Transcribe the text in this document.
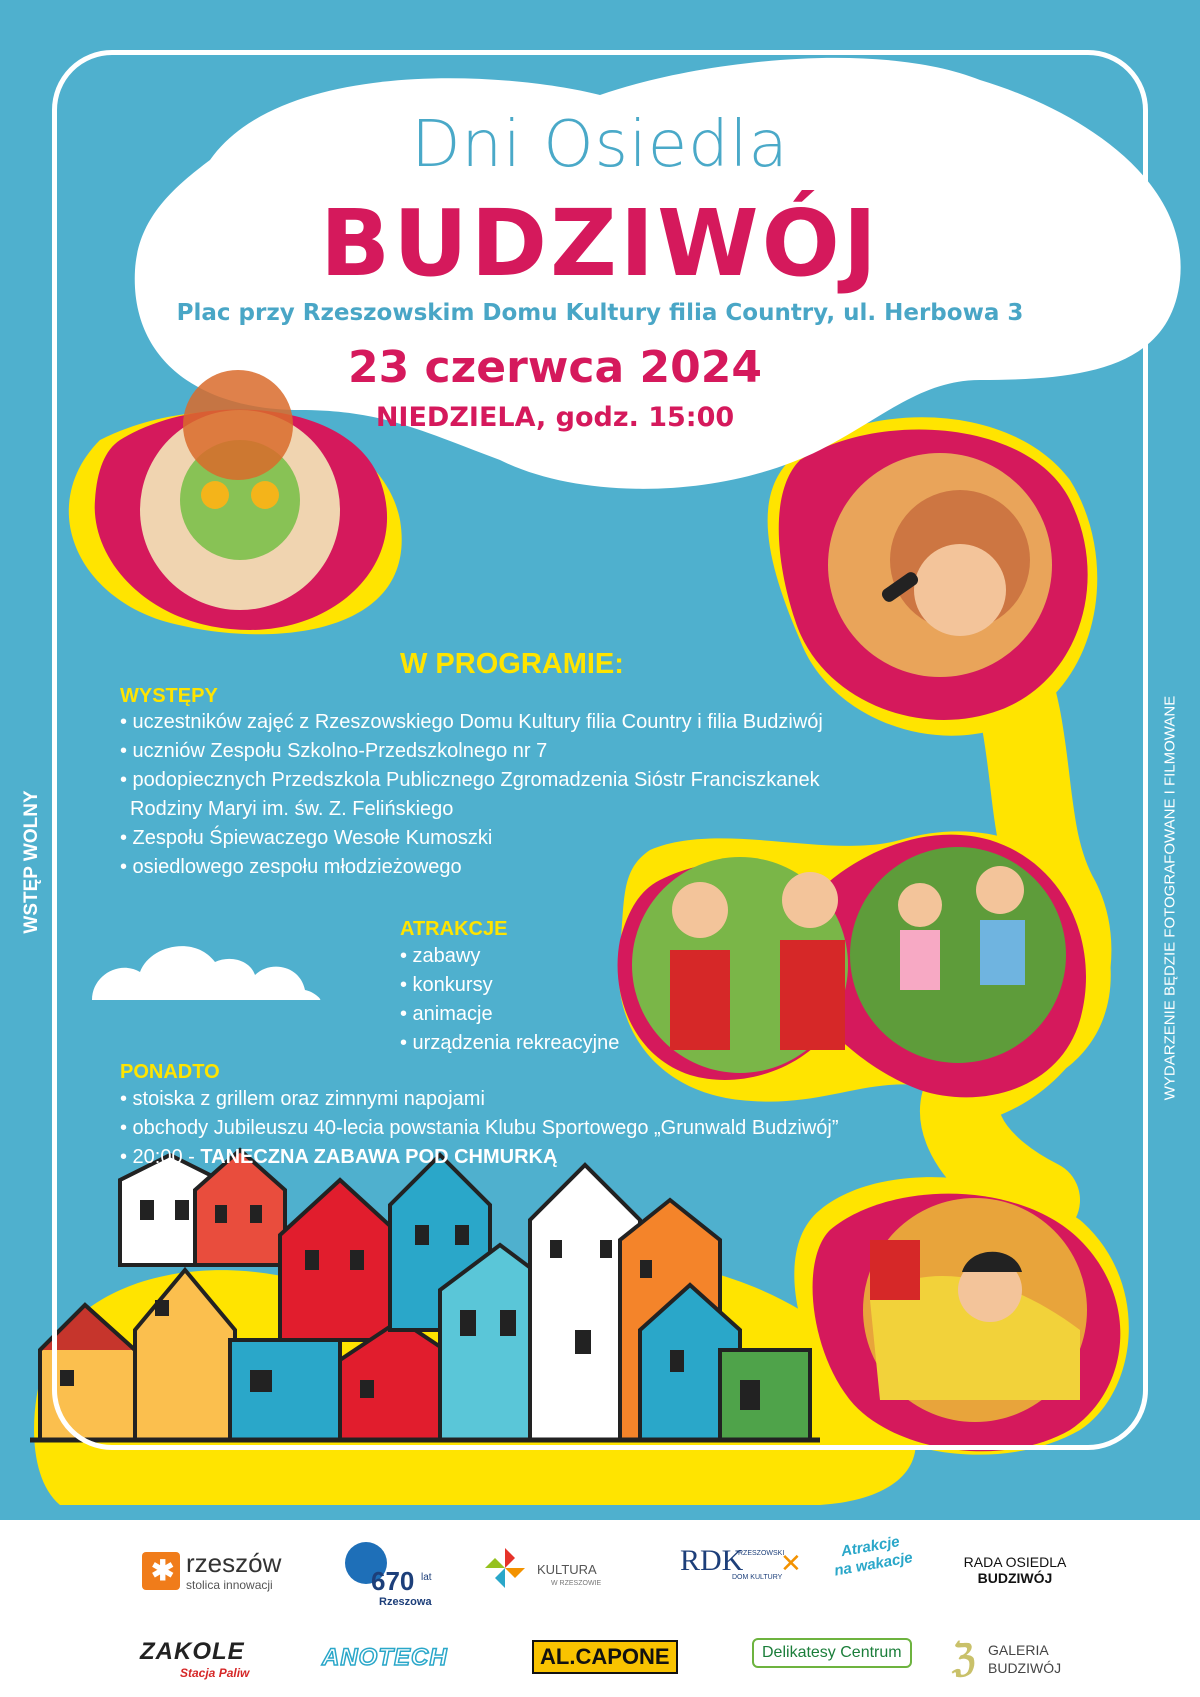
Dni Osiedla
BUDZIWÓJ
Plac przy Rzeszowskim Domu Kultury filia Country, ul. Herbowa 3
23 czerwca 2024
NIEDZIELA, godz. 15:00
W PROGRAMIE:
WYSTĘPY
• uczestników zajęć z Rzeszowskiego Domu Kultury filia Country i filia Budziwój
• uczniów Zespołu Szkolno-Przedszkolnego nr 7
• podopiecznych Przedszkola Publicznego Zgromadzenia Sióstr Franciszkanek
Rodziny Maryi im. św. Z. Felińskiego
• Zespołu Śpiewaczego Wesołe Kumoszki
• osiedlowego zespołu młodzieżowego
ATRAKCJE
• zabawy
• konkursy
• animacje
• urządzenia rekreacyjne
PONADTO
• stoiska z grillem oraz zimnymi napojami
• obchody Jubileuszu 40-lecia powstania Klubu Sportowego „Grunwald Budziwój”
• 20:00 - TANECZNA ZABAWA POD CHMURKĄ
WSTĘP WOLNY	WYDARZENIE BĘDZIE FOTOGRAFOWANE I FILMOWANE
✱ rzeszów
stolica innowacji	670 lat
Rzeszowa
KULTURA
W RZESZOWIE
RDK
RZESZOWSKI
DOM KULTURY
✕
Atrakcje na wakacje	RADA OSIEDLA
BUDZIWÓJ
ZAKOLE
Stacja Paliw
ANOTECH	AL.CAPONE	Delikatesy Centrum ℨ GALERIA
BUDZIWÓJ
